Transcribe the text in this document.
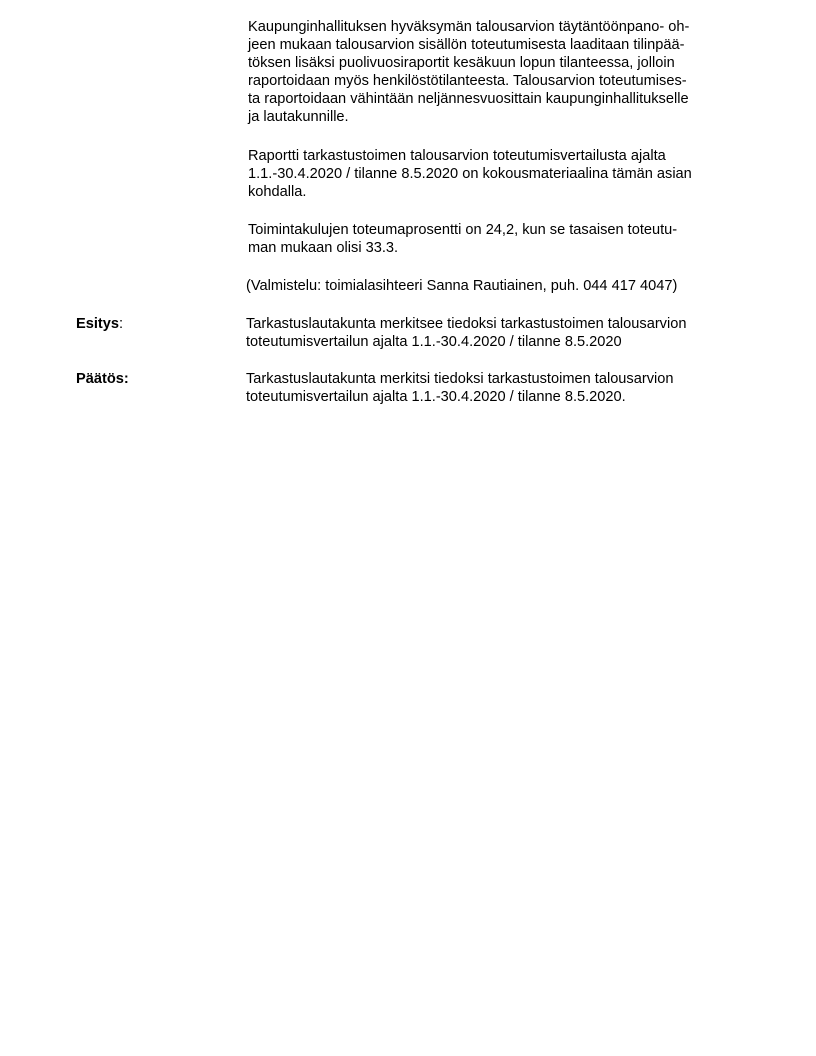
Kaupunginhallituksen hyväksymän talousarvion täytäntöönpano- oh-
jeen mukaan talousarvion sisällön toteutumisesta laaditaan tilinpää-
töksen lisäksi puolivuosiraportit kesäkuun lopun tilanteessa, jolloin
raportoidaan myös henkilöstötilanteesta. Talousarvion toteutumises-
ta raportoidaan vähintään neljännesvuosittain kaupunginhallitukselle
ja lautakunnille.
Raportti tarkastustoimen talousarvion toteutumisvertailusta ajalta
1.1.-30.4.2020 / tilanne 8.5.2020 on kokousmateriaalina tämän asian
kohdalla.
Toimintakulujen toteumaprosentti on 24,2, kun se tasaisen toteutu-
man mukaan olisi 33.3.
(Valmistelu: toimialasihteeri Sanna Rautiainen, puh. 044 417 4047)
Esitys:	Tarkastuslautakunta merkitsee tiedoksi tarkastustoimen talousarvion
toteutumisvertailun ajalta 1.1.-30.4.2020 / tilanne 8.5.2020
Päätös:	Tarkastuslautakunta merkitsi tiedoksi tarkastustoimen talousarvion
toteutumisvertailun ajalta 1.1.-30.4.2020 / tilanne 8.5.2020.
